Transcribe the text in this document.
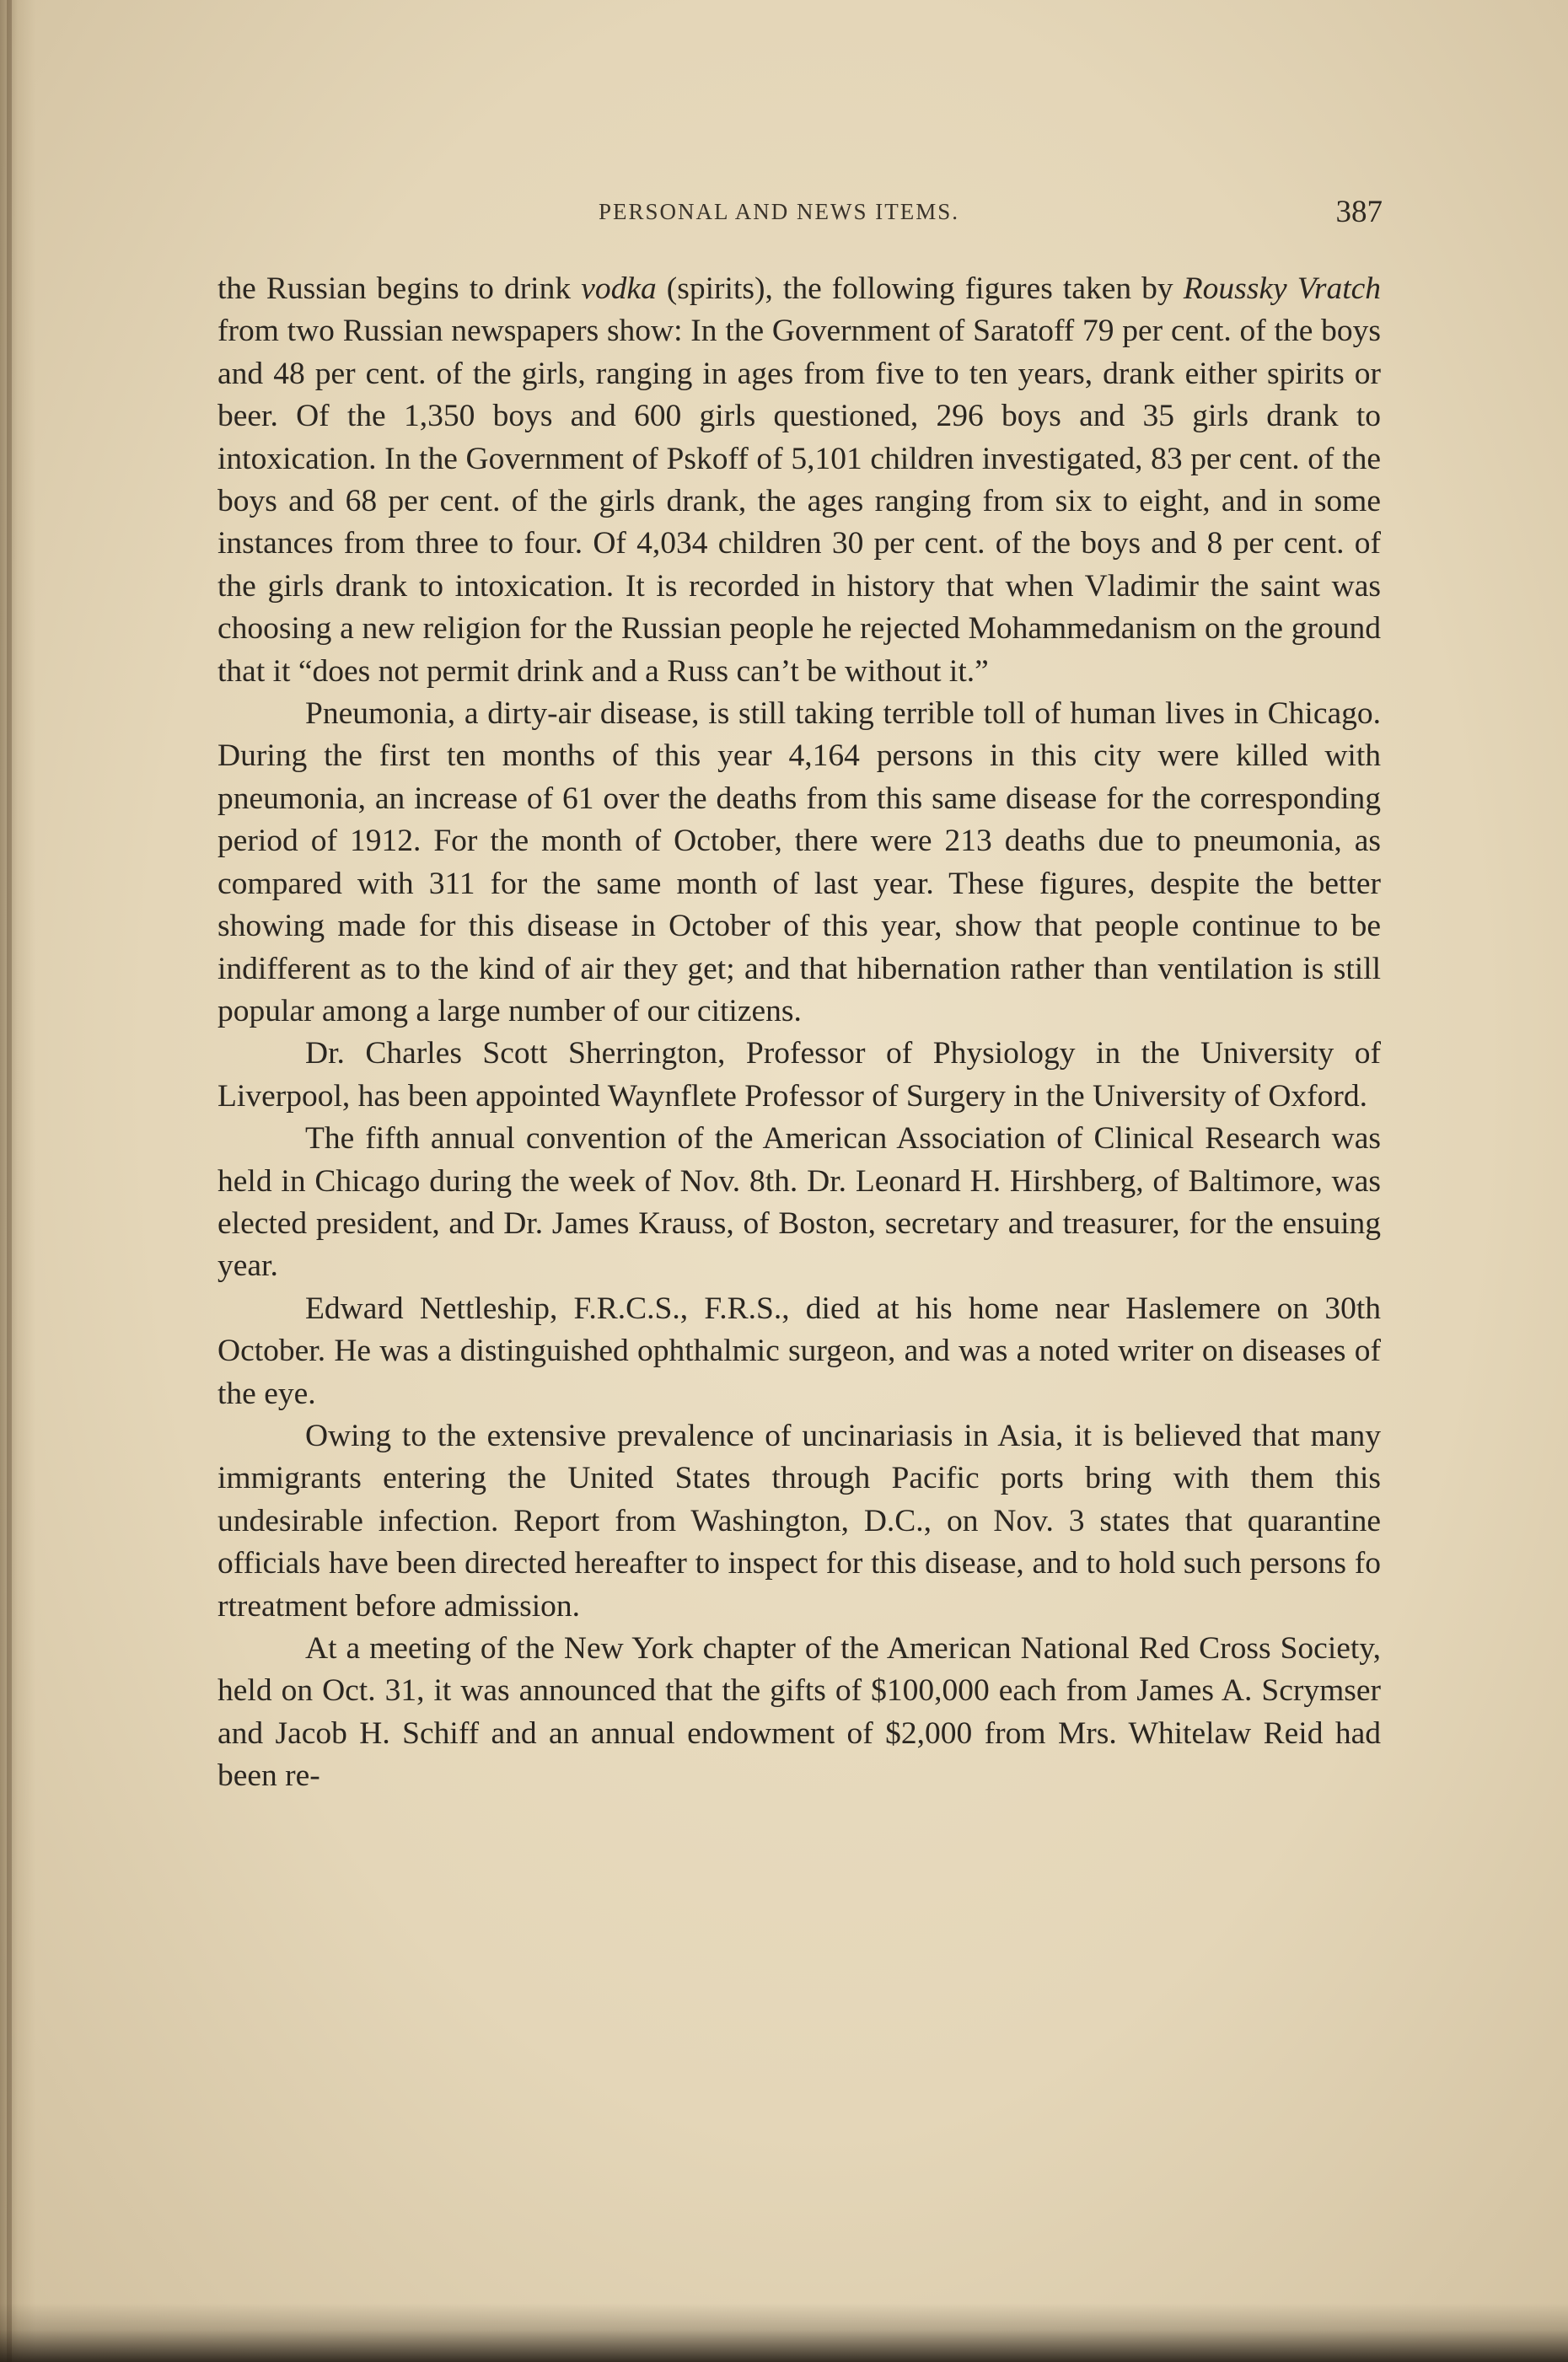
PERSONAL AND NEWS ITEMS.	387

the Russian begins to drink vodka (spirits), the following figures taken by Roussky Vratch from two Russian newspapers show: In the Government of Saratoff 79 per cent. of the boys and 48 per cent. of the girls, ranging in ages from five to ten years, drank either spirits or beer. Of the 1,350 boys and 600 girls questioned, 296 boys and 35 girls drank to intoxication. In the Government of Pskoff of 5,101 children investigated, 83 per cent. of the boys and 68 per cent. of the girls drank, the ages ranging from six to eight, and in some instances from three to four. Of 4,034 children 30 per cent. of the boys and 8 per cent. of the girls drank to intoxication. It is recorded in history that when Vladimir the saint was choosing a new religion for the Russian people he rejected Mohammedanism on the ground that it “does not permit drink and a Russ can’t be without it.”

Pneumonia, a dirty-air disease, is still taking terrible toll of human lives in Chicago. During the first ten months of this year 4,164 persons in this city were killed with pneumonia, an increase of 61 over the deaths from this same disease for the corresponding period of 1912. For the month of October, there were 213 deaths due to pneumonia, as compared with 311 for the same month of last year. These figures, despite the better showing made for this disease in October of this year, show that people continue to be indifferent as to the kind of air they get; and that hibernation rather than ventilation is still popular among a large number of our citizens.

Dr. Charles Scott Sherrington, Professor of Physiology in the University of Liverpool, has been appointed Waynflete Professor of Surgery in the University of Oxford.

The fifth annual convention of the American Association of Clinical Research was held in Chicago during the week of Nov. 8th. Dr. Leonard H. Hirshberg, of Baltimore, was elected president, and Dr. James Krauss, of Boston, secretary and treasurer, for the ensuing year.

Edward Nettleship, F.R.C.S., F.R.S., died at his home near Haslemere on 30th October. He was a distinguished ophthalmic surgeon, and was a noted writer on diseases of the eye.

Owing to the extensive prevalence of uncinariasis in Asia, it is believed that many immigrants entering the United States through Pacific ports bring with them this undesirable infection. Report from Washington, D.C., on Nov. 3 states that quarantine officials have been directed hereafter to inspect for this disease, and to hold such persons fo rtreatment before admission.

At a meeting of the New York chapter of the American National Red Cross Society, held on Oct. 31, it was announced that the gifts of $100,000 each from James A. Scrymser and Jacob H. Schiff and an annual endowment of $2,000 from Mrs. Whitelaw Reid had been re-
